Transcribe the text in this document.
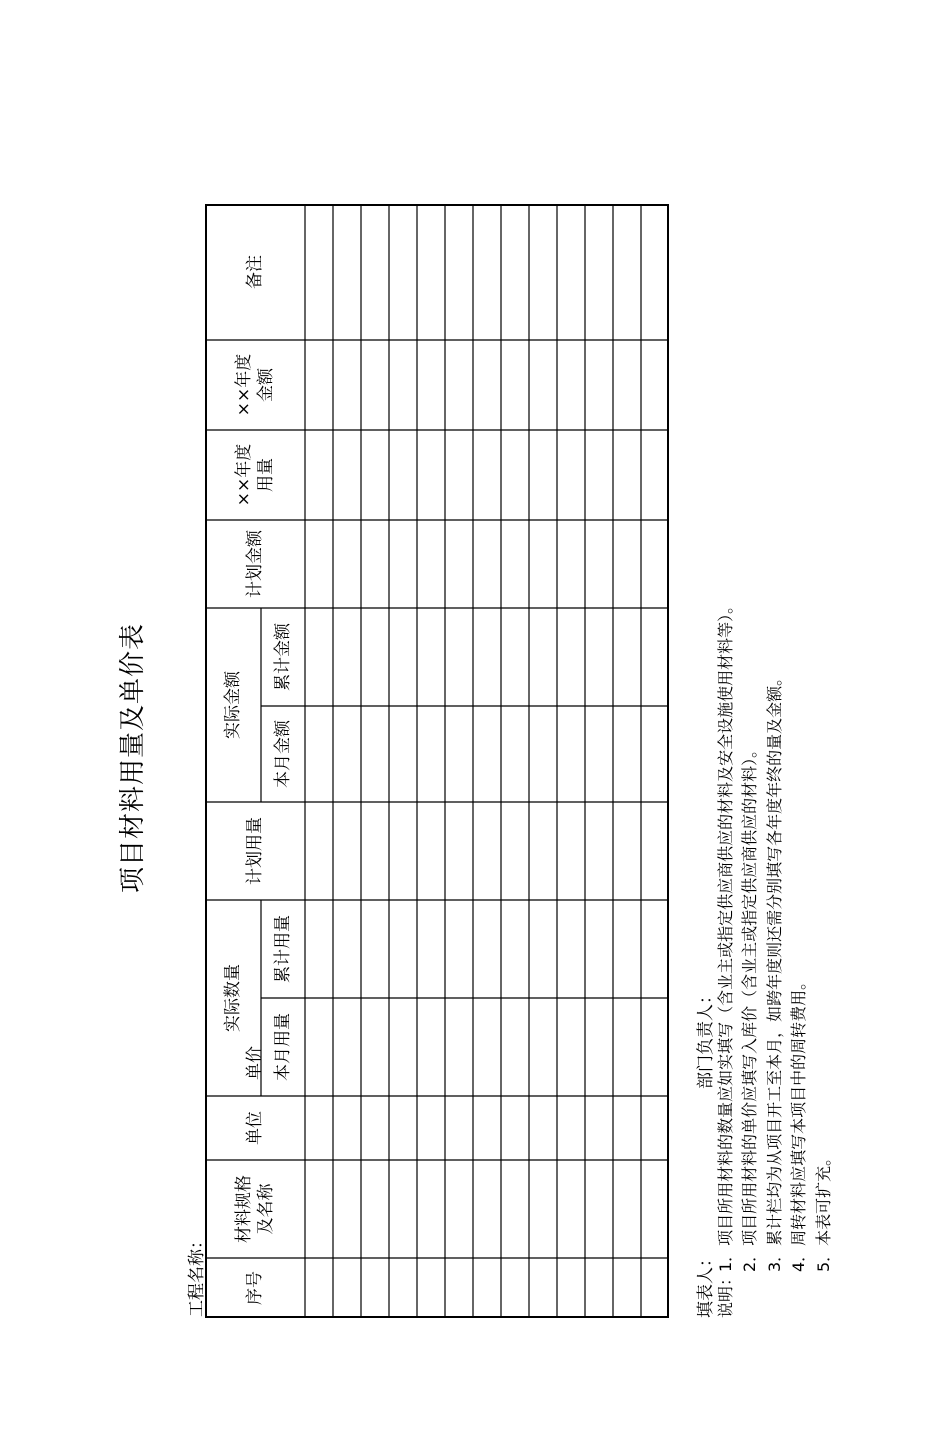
项目材料用量及单价表
工程名称：	序号
材料规格
及名称
单位
单价
实际数量
本月用量
累计用量
计划用量
实际金额
本月金额
累计金额
计划金额
××年度
用量
××年度
金额
备注
填表人：
部门负责人：
说明：
1．项目所用材料的数量应如实填写（含业主或指定供应商供应的材料及安全设施使用材料等）。 2．项目所用材料的单价应填写入库价（含业主或指定供应商供应的材料）。 3．累计栏均为从项目开工至本月，如跨年度则还需分别填写各年度年终的量及金额。 4．周转材料应填写本项目中的周转费用。 5．本表可扩充。
